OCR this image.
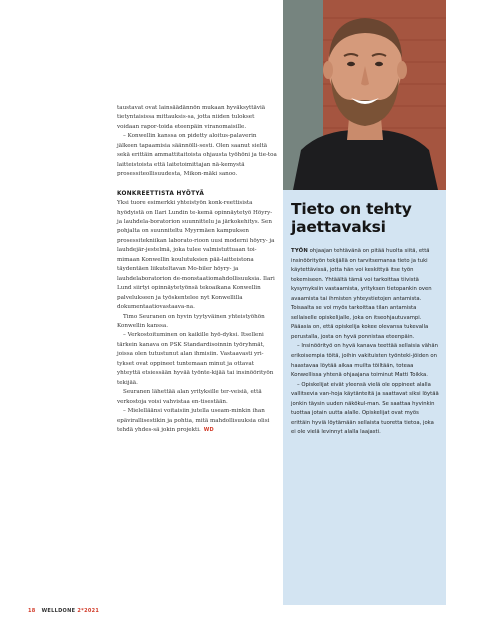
taustavat ovat lainsäädännön mukaan hyväksyttäviä tietyntaisissa mittauksis-sa, jotta niiden tulokset voidaan rapor-toida eteenpäin viranomaisille.

– Konwellin kanssa on pidetty aloitus-palaverin jälkeen tapaamisia säännölli-sesti. Olen saanut sieltä sekä erittäin ammattitaitoista ohjausta työhöni ja tie-toa laitteistoista että laitetoimittajan nä-kemystä prosessiteollisuudesta, Mikon-mäki sanoo.

KONKREETTISTA HYÖTYÄ

Yksi tuore esimerkki yhteistyön konk-reettisista hyödyistä on Ilari Lundin te-kemä opinnäytetyö Höyry- ja lauhdela-boratorion suunnittelu ja järkokehitys. Sen pohjalta on suunniteltu Myyrmäen kampuksen prosessitekniikan laborato-rioon uusi moderni höyry- ja lauhdejär-jestelmä, joka tulee valmistuttuaan toi-mimaan Konwellin koulutuksien pää-laitteistona täydentäen liikuteltavan Mo-biler höyry- ja lauhdelaboratorion de-monstaatiomahdollisuuksia. Ilari Lund siirtyi opinnäytetyönsä tekoaikana Konwellin palvelukseen ja työskentelee nyt Konwellilla dokumentaatiovastaava-na.

Timo Seuranen on hyvin tyytyväinen yhteistyöhön Konwellin kanssa.

– Verkostoituminen on kaikille hyö-dyksi. Itselleni tärkein kanava on PSK Standardisoinnin työryhmät, joissa olen tutustunut alan ihmisiin. Vastaavasti yri-tykset ovat oppineet tuntemaan minut ja ottavat yhteyttä etsiessään hyvää työnte-kijää tai insinöörityön tekijää.

Seuranen lähettää alan yrityksille ter-veisiä, että verkostoja voisi vahvistaa en-tisestään.

– Mielelläänsi voitaisiin jutella useam-minkin ihan epävirallisestikin ja pohtia, mitä mahdollisuuksia olisi tehdä yhdes-sä jokin projekti. WD

Tieto on tehty jaettavaksi

TYÖN ohjaajan tehtävänä on pitää huolta siitä, että insinöörityön tekijällä on tarvitsemansa tieto ja tuki käytettävissä, jotta hän voi keskittyä itse työn tekemiseen. Yhtäältä tämä voi tarkoittaa tiivistä kysymyksiin vastaamista, yrityksen tietopankin oven avaamista tai ihmisten yhteystietojen antamista. Toisaalta se voi myös tarkoittaa tilan antamista sellaiselle opiskelijalle, joka on itseohjautuvampi. Pääasia on, että opiskelija kokee olevansa tukevalla perustalla, josta on hyvä ponnistaa eteenpäin.

– Insinöörityö on hyvä kanava teettää sellaisia vähän erikoisempia töitä, joihin vakituisten työnteki-jöiden on haastavaa löytää aikaa muilta töiltään, toteaa Konwellissa yhtenä ohjaajana toiminut Matti Toikka.

– Opiskelijat eivät yleensä vielä ole oppineet alalla vallitsevia van-hoja käytänteitä ja saattavat siksi löytää jonkin täysin uuden näkökul-man. Se saattaa hyvinkin tuottaa jotain uutta alalle. Opiskelijat ovat myös erittäin hyviä löytämään sellaista tuoretta tietoa, joka ei ole vielä levinnyt alalla laajasti.

18 WELLDONE 2*2021
